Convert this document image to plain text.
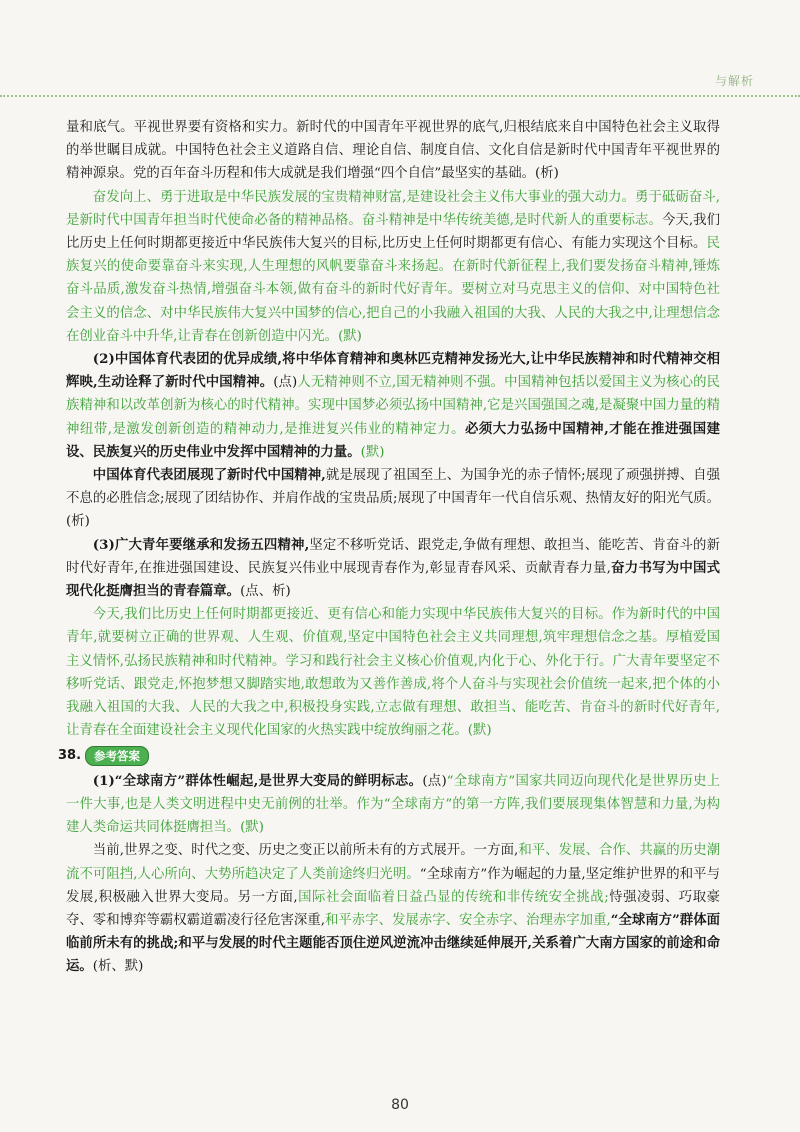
与解析

量和底气。平视世界要有资格和实力。新时代的中国青年平视世界的底气,归根结底来自中国特色社会主义取得的举世瞩目成就。中国特色社会主义道路自信、理论自信、制度自信、文化自信是新时代中国青年平视世界的精神源泉。党的百年奋斗历程和伟大成就是我们增强“四个自信”最坚实的基础。(析)

奋发向上、勇于进取是中华民族发展的宝贵精神财富,是建设社会主义伟大事业的强大动力。勇于砥砺奋斗,是新时代中国青年担当时代使命必备的精神品格。奋斗精神是中华传统美德,是时代新人的重要标志。今天,我们比历史上任何时期都更接近中华民族伟大复兴的目标,比历史上任何时期都更有信心、有能力实现这个目标。民族复兴的使命要靠奋斗来实现,人生理想的风帆要靠奋斗来扬起。在新时代新征程上,我们要发扬奋斗精神,锤炼奋斗品质,激发奋斗热情,增强奋斗本领,做有奋斗的新时代好青年。要树立对马克思主义的信仰、对中国特色社会主义的信念、对中华民族伟大复兴中国梦的信心,把自己的小我融入祖国的大我、人民的大我之中,让理想信念在创业奋斗中升华,让青春在创新创造中闪光。(默)

(2)中国体育代表团的优异成绩,将中华体育精神和奥林匹克精神发扬光大,让中华民族精神和时代精神交相辉映,生动诠释了新时代中国精神。(点)人无精神则不立,国无精神则不强。中国精神包括以爱国主义为核心的民族精神和以改革创新为核心的时代精神。实现中国梦必须弘扬中国精神,它是兴国强国之魂,是凝聚中国力量的精神纽带,是激发创新创造的精神动力,是推进复兴伟业的精神定力。必须大力弘扬中国精神,才能在推进强国建设、民族复兴的历史伟业中发挥中国精神的力量。(默)

中国体育代表团展现了新时代中国精神,就是展现了祖国至上、为国争光的赤子情怀;展现了顽强拼搏、自强不息的必胜信念;展现了团结协作、并肩作战的宝贵品质;展现了中国青年一代自信乐观、热情友好的阳光气质。(析)

(3)广大青年要继承和发扬五四精神,坚定不移听党话、跟党走,争做有理想、敢担当、能吃苦、肯奋斗的新时代好青年,在推进强国建设、民族复兴伟业中展现青春作为,彰显青春风采、贡献青春力量,奋力书写为中国式现代化挺膺担当的青春篇章。(点、析)

今天,我们比历史上任何时期都更接近、更有信心和能力实现中华民族伟大复兴的目标。作为新时代的中国青年,就要树立正确的世界观、人生观、价值观,坚定中国特色社会主义共同理想,筑牢理想信念之基。厚植爱国主义情怀,弘扬民族精神和时代精神。学习和践行社会主义核心价值观,内化于心、外化于行。广大青年要坚定不移听党话、跟党走,怀抱梦想又脚踏实地,敢想敢为又善作善成,将个人奋斗与实现社会价值统一起来,把个体的小我融入祖国的大我、人民的大我之中,积极投身实践,立志做有理想、敢担当、能吃苦、肯奋斗的新时代好青年,让青春在全面建设社会主义现代化国家的火热实践中绽放绚丽之花。(默)

38.	参考答案

(1)“全球南方”群体性崛起,是世界大变局的鲜明标志。(点)“全球南方”国家共同迈向现代化是世界历史上一件大事,也是人类文明进程中史无前例的壮举。作为“全球南方”的第一方阵,我们要展现集体智慧和力量,为构建人类命运共同体挺膺担当。(默)

当前,世界之变、时代之变、历史之变正以前所未有的方式展开。一方面,和平、发展、合作、共赢的历史潮流不可阻挡,人心所向、大势所趋决定了人类前途终归光明。“全球南方”作为崛起的力量,坚定维护世界的和平与发展,积极融入世界大变局。另一方面,国际社会面临着日益凸显的传统和非传统安全挑战;恃强凌弱、巧取豪夺、零和博弈等霸权霸道霸凌行径危害深重,和平赤字、发展赤字、安全赤字、治理赤字加重,“全球南方”群体面临前所未有的挑战;和平与发展的时代主题能否顶住逆风逆流冲击继续延伸展开,关系着广大南方国家的前途和命运。(析、默)

80
